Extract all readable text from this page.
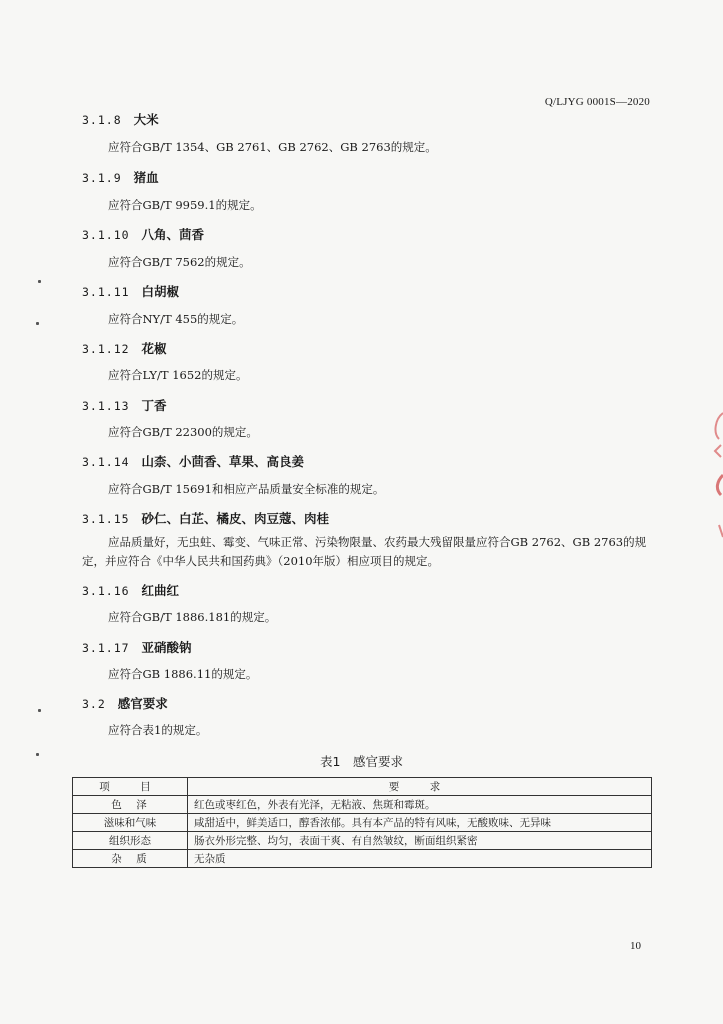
Q/LJYG 0001S—2020
3.1.8 大米
应符合GB/T 1354、GB 2761、GB 2762、GB 2763的规定。
3.1.9 猪血
应符合GB/T 9959.1的规定。
3.1.10 八角、茴香
应符合GB/T 7562的规定。
3.1.11 白胡椒
应符合NY/T 455的规定。
3.1.12 花椒
应符合LY/T 1652的规定。
3.1.13 丁香
应符合GB/T 22300的规定。
3.1.14 山柰、小茴香、草果、高良姜
应符合GB/T 15691和相应产品质量安全标准的规定。
3.1.15 砂仁、白芷、橘皮、肉豆蔻、肉桂
应品质量好，无虫蛀、霉变、气味正常、污染物限量、农药最大残留限量应符合GB 2762、GB 2763的规定，并应符合《中华人民共和国药典》（2010年版）相应项目的规定。
3.1.16 红曲红
应符合GB/T 1886.181的规定。
3.1.17 亚硝酸钠
应符合GB 1886.11的规定。
3.2 感官要求
应符合表1的规定。
表1　感官要求
项　目	要　求
色　泽	红色或枣红色，外表有光泽，无粘液、焦斑和霉斑。
滋味和气味	咸甜适中，鲜美适口，醇香浓郁。具有本产品的特有风味，无酸败味、无异味
组织形态	肠衣外形完整、均匀，表面干爽、有自然皱纹，断面组织紧密
杂　质	无杂质
10
